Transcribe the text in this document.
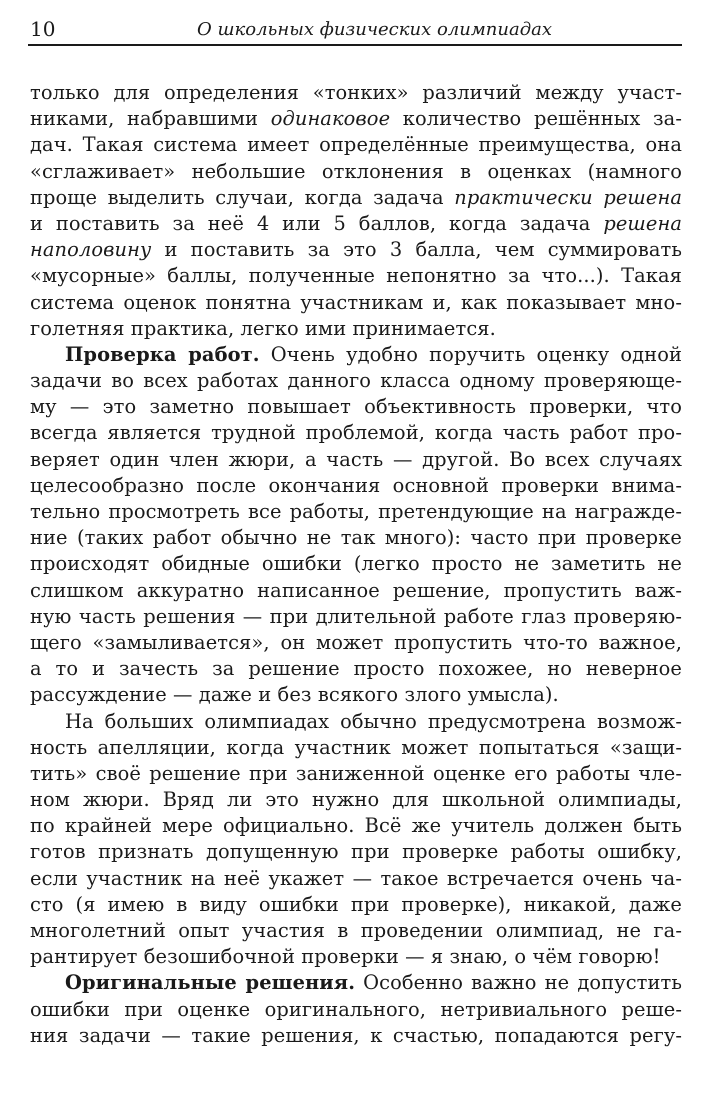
10	О школьных физических олимпиадах
только для определения «тонких» различий между участ-
никами, набравшими одинаковое количество решённых за-
дач. Такая система имеет определённые преимущества, она
«сглаживает» небольшие отклонения в оценках (намного
проще выделить случаи, когда задача практически решена
и поставить за неё 4 или 5 баллов, когда задача решена
наполовину и поставить за это 3 балла, чем суммировать
«мусорные» баллы, полученные непонятно за что...). Такая
система оценок понятна участникам и, как показывает мно-
голетняя практика, легко ими принимается.
Проверка работ. Очень удобно поручить оценку одной
задачи во всех работах данного класса одному проверяюще-
му — это заметно повышает объективность проверки, что
всегда является трудной проблемой, когда часть работ про-
веряет один член жюри, а часть — другой. Во всех случаях
целесообразно после окончания основной проверки внима-
тельно просмотреть все работы, претендующие на награжде-
ние (таких работ обычно не так много): часто при проверке
происходят обидные ошибки (легко просто не заметить не
слишком аккуратно написанное решение, пропустить важ-
ную часть решения — при длительной работе глаз проверяю-
щего «замыливается», он может пропустить что-то важное,
а то и зачесть за решение просто похожее, но неверное
рассуждение — даже и без всякого злого умысла).
На больших олимпиадах обычно предусмотрена возмож-
ность апелляции, когда участник может попытаться «защи-
тить» своё решение при заниженной оценке его работы чле-
ном жюри. Вряд ли это нужно для школьной олимпиады,
по крайней мере официально. Всё же учитель должен быть
готов признать допущенную при проверке работы ошибку,
если участник на неё укажет — такое встречается очень ча-
сто (я имею в виду ошибки при проверке), никакой, даже
многолетний опыт участия в проведении олимпиад, не га-
рантирует безошибочной проверки — я знаю, о чём говорю!
Оригинальные решения. Особенно важно не допустить
ошибки при оценке оригинального, нетривиального реше-
ния задачи — такие решения, к счастью, попадаются регу-
